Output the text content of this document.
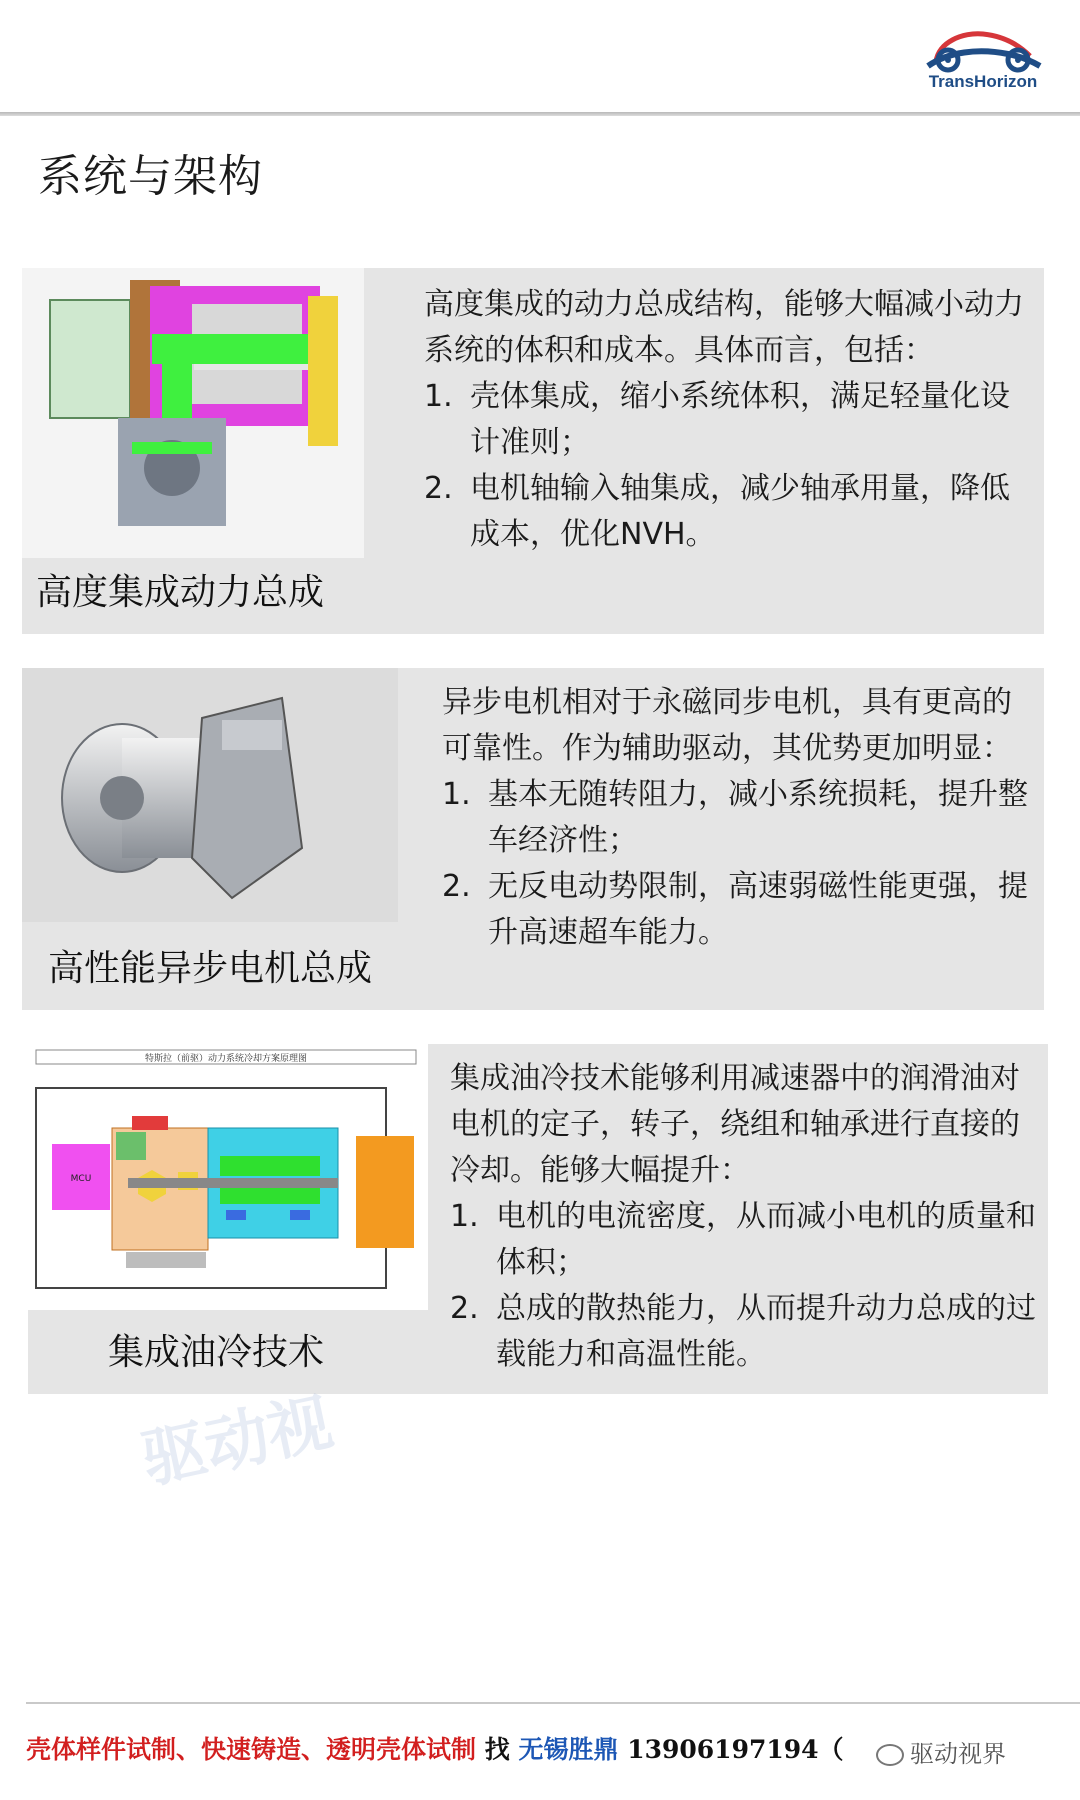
TransHorizon
系统与架构
高度集成动力总成
高度集成的动力总成结构，能够大幅减小动力系统的体积和成本。具体而言，包括：
1. 壳体集成，缩小系统体积，满足轻量化设计准则；
2. 电机轴输入轴集成，减少轴承用量，降低成本，优化NVH。
高性能异步电机总成
异步电机相对于永磁同步电机，具有更高的可靠性。作为辅助驱动，其优势更加明显：
1. 基本无随转阻力，减小系统损耗，提升整车经济性；
2. 无反电动势限制，高速弱磁性能更强，提升高速超车能力。
特斯拉（前驱）动力系统冷却方案原理图
MCU
集成油冷技术
集成油冷技术能够利用减速器中的润滑油对电机的定子，转子，绕组和轴承进行直接的冷却。能够大幅提升：
1. 电机的电流密度，从而减小电机的质量和体积；
2. 总成的散热能力，从而提升动力总成的过载能力和高温性能。
驱动视
壳体样件试制、快速铸造、透明壳体试制 找 无锡胜鼎 13906197194（	驱动视界
